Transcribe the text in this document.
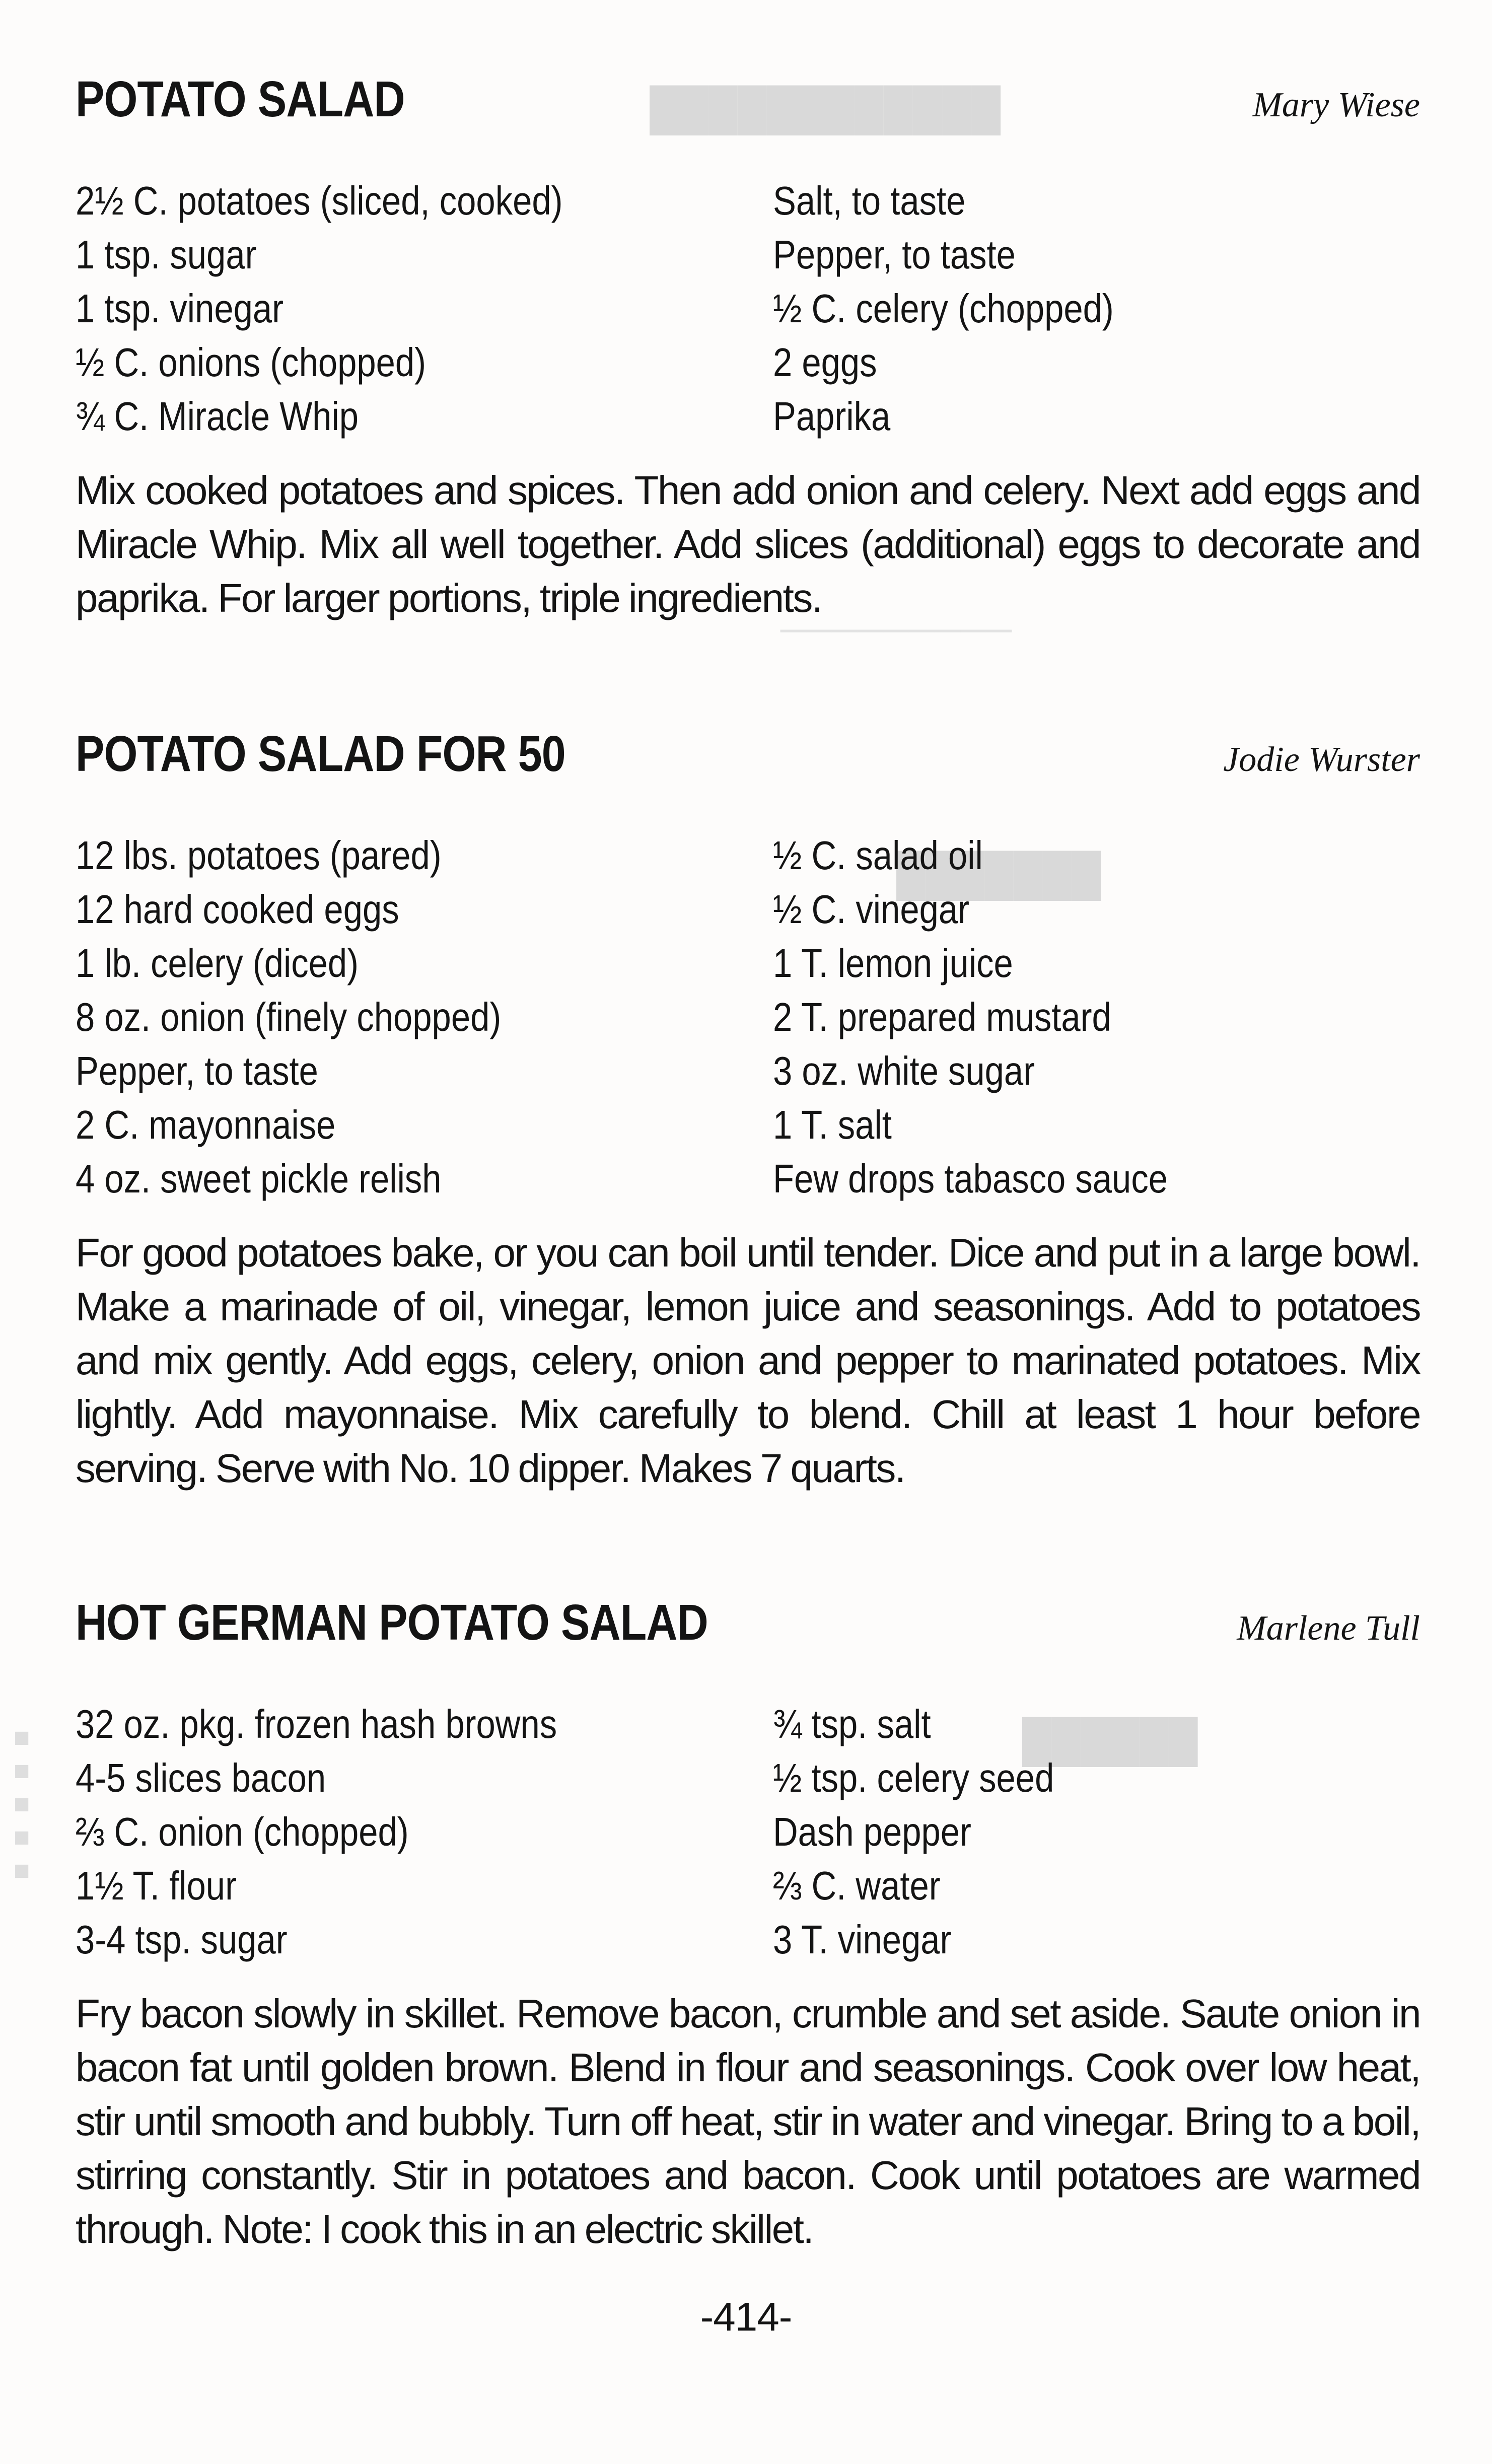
████████████
─────────
███████
██████
■■■■■
POTATO SALAD	Mary Wiese
2½ C. potatoes (sliced, cooked)
1 tsp. sugar
1 tsp. vinegar
½ C. onions (chopped)
¾ C. Miracle Whip
Salt, to taste
Pepper, to taste
½ C. celery (chopped)
2 eggs
Paprika

Mix cooked potatoes and spices. Then add onion and celery. Next add eggs and Miracle Whip. Mix all well together. Add slices (additional) eggs to decorate and paprika. For larger portions, triple ingredients.

POTATO SALAD FOR 50	Jodie Wurster
12 lbs. potatoes (pared)
12 hard cooked eggs
1 lb. celery (diced)
8 oz. onion (finely chopped)
Pepper, to taste
2 C. mayonnaise
4 oz. sweet pickle relish
½ C. salad oil
½ C. vinegar
1 T. lemon juice
2 T. prepared mustard
3 oz. white sugar
1 T. salt
Few drops tabasco sauce

For good potatoes bake, or you can boil until tender. Dice and put in a large bowl. Make a marinade of oil, vinegar, lemon juice and seasonings. Add to potatoes and mix gently. Add eggs, celery, onion and pepper to marinated potatoes. Mix lightly. Add mayonnaise. Mix carefully to blend. Chill at least 1 hour before serving. Serve with No. 10 dipper. Makes 7 quarts.

HOT GERMAN POTATO SALAD	Marlene Tull
32 oz. pkg. frozen hash browns
4-5 slices bacon
⅔ C. onion (chopped)
1½ T. flour
3-4 tsp. sugar
¾ tsp. salt
½ tsp. celery seed
Dash pepper
⅔ C. water
3 T. vinegar

Fry bacon slowly in skillet. Remove bacon, crumble and set aside. Saute onion in bacon fat until golden brown. Blend in flour and seasonings. Cook over low heat, stir until smooth and bubbly. Turn off heat, stir in water and vinegar. Bring to a boil, stirring constantly. Stir in potatoes and bacon. Cook until potatoes are warmed through. Note: I cook this in an electric skillet.

-414-
